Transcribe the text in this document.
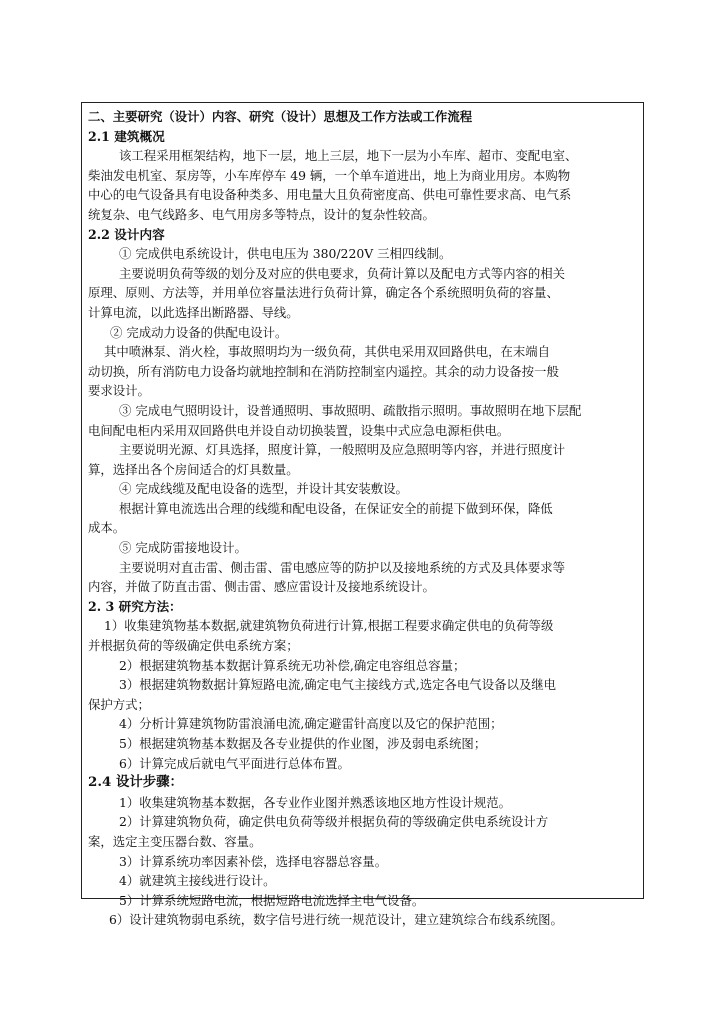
二、主要研究（设计）内容、研究（设计）思想及工作方法或工作流程
2.1 建筑概况
该工程采用框架结构，地下一层，地上三层，地下一层为小车库、超市、变配电室、
柴油发电机室、泵房等，小车库停车 49 辆，一个单车道进出，地上为商业用房。本购物
中心的电气设备具有电设备种类多、用电量大且负荷密度高、供电可靠性要求高、电气系
统复杂、电气线路多、电气用房多等特点，设计的复杂性较高。
2.2 设计内容
① 完成供电系统设计，供电电压为 380/220V 三相四线制。
主要说明负荷等级的划分及对应的供电要求，负荷计算以及配电方式等内容的相关
原理、原则、方法等，并用单位容量法进行负荷计算，确定各个系统照明负荷的容量、
计算电流，以此选择出断路器、导线。
② 完成动力设备的供配电设计。
其中喷淋泵、消火栓，事故照明均为一级负荷，其供电采用双回路供电，在末端自
动切换，所有消防电力设备均就地控制和在消防控制室内遥控。其余的动力设备按一般
要求设计。
③ 完成电气照明设计，设普通照明、事故照明、疏散指示照明。事故照明在地下层配
电间配电柜内采用双回路供电并设自动切换装置，设集中式应急电源柜供电。
主要说明光源、灯具选择，照度计算，一般照明及应急照明等内容，并进行照度计
算，选择出各个房间适合的灯具数量。
④ 完成线缆及配电设备的选型，并设计其安装敷设。
根据计算电流选出合理的线缆和配电设备，在保证安全的前提下做到环保，降低
成本。
⑤ 完成防雷接地设计。
主要说明对直击雷、侧击雷、雷电感应等的防护以及接地系统的方式及具体要求等
内容，并做了防直击雷、侧击雷、感应雷设计及接地系统设计。
2. 3 研究方法：
1）收集建筑物基本数据,就建筑物负荷进行计算,根据工程要求确定供电的负荷等级
并根据负荷的等级确定供电系统方案；
2）根据建筑物基本数据计算系统无功补偿,确定电容组总容量；
3）根据建筑物数据计算短路电流,确定电气主接线方式,选定各电气设备以及继电
保护方式；
4）分析计算建筑物防雷浪涌电流,确定避雷针高度以及它的保护范围；
5）根据建筑物基本数据及各专业提供的作业图，涉及弱电系统图；
6）计算完成后就电气平面进行总体布置。
2.4 设计步骤：
1）收集建筑物基本数据，各专业作业图并熟悉该地区地方性设计规范。
2）计算建筑物负荷，确定供电负荷等级并根据负荷的等级确定供电系统设计方
案，选定主变压器台数、容量。
3）计算系统功率因素补偿，选择电容器总容量。
4）就建筑主接线进行设计。
5）计算系统短路电流，根据短路电流选择主电气设备。
6）设计建筑物弱电系统，数字信号进行统一规范设计，建立建筑综合布线系统图。
